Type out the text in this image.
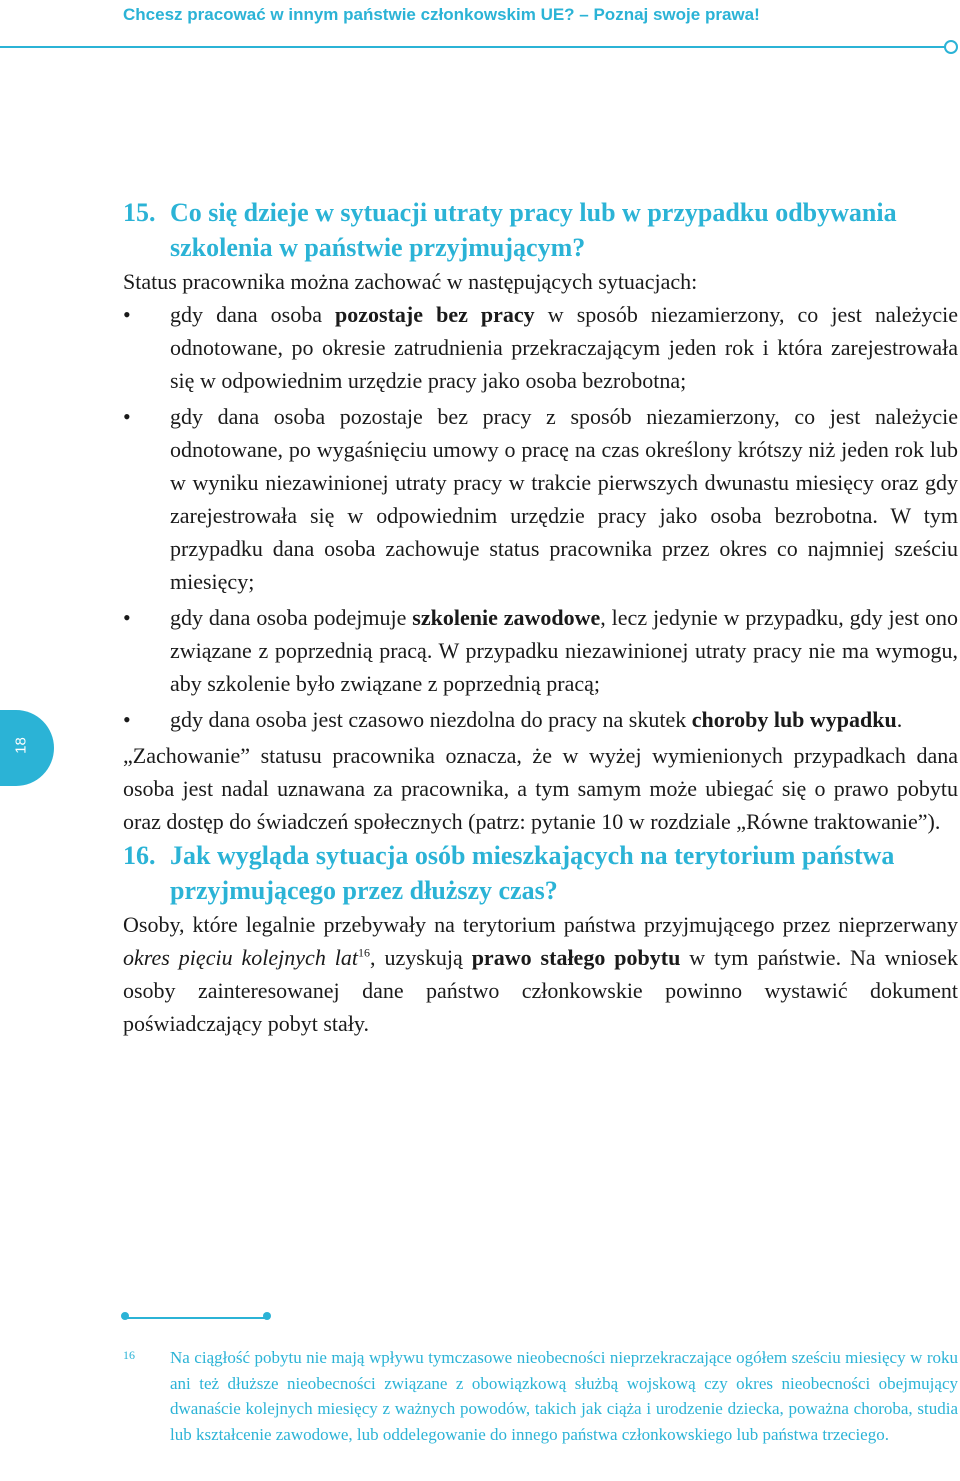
Chcesz pracować w innym państwie członkowskim UE? – Poznaj swoje prawa!
18
15. Co się dzieje w sytuacji utraty pracy lub w przypadku odbywania szkolenia w państwie przyjmującym?

Status pracownika można zachować w następujących sytuacjach:

• gdy dana osoba pozostaje bez pracy w sposób niezamierzony, co jest należycie odnotowane, po okresie zatrudnienia przekraczającym jeden rok i która zarejestrowała się w odpowiednim urzędzie pracy jako osoba bezrobotna;
• gdy dana osoba pozostaje bez pracy z sposób niezamierzony, co jest należycie odnotowane, po wygaśnięciu umowy o pracę na czas określony krótszy niż jeden rok lub w wyniku niezawinionej utraty pracy w trakcie pierwszych dwunastu miesięcy oraz gdy zarejestrowała się w odpowiednim urzędzie pracy jako osoba bezrobotna. W tym przypadku dana osoba zachowuje status pracownika przez okres co najmniej sześciu miesięcy;
• gdy dana osoba podejmuje szkolenie zawodowe, lecz jedynie w przypadku, gdy jest ono związane z poprzednią pracą. W przypadku niezawinionej utraty pracy nie ma wymogu, aby szkolenie było związane z poprzednią pracą;
• gdy dana osoba jest czasowo niezdolna do pracy na skutek choroby lub wypadku.

„Zachowanie” statusu pracownika oznacza, że w wyżej wymienionych przypadkach dana osoba jest nadal uznawana za pracownika, a tym samym może ubiegać się o prawo pobytu oraz dostęp do świadczeń społecznych (patrz: pytanie 10 w rozdziale „Równe traktowanie”).

16. Jak wygląda sytuacja osób mieszkających na terytorium państwa przyjmującego przez dłuższy czas?

Osoby, które legalnie przebywały na terytorium państwa przyjmującego przez nieprzerwany okres pięciu kolejnych lat$^{16}$, uzyskują prawo stałego pobytu w tym państwie. Na wniosek osoby zainteresowanej dane państwo członkowskie powinno wystawić dokument poświadczający pobyt stały.

16 Na ciągłość pobytu nie mają wpływu tymczasowe nieobecności nieprzekraczające ogółem sześciu miesięcy w roku ani też dłuższe nieobecności związane z obowiązkową służbą wojskową czy okres nieobecności obejmujący dwanaście kolejnych miesięcy z ważnych powodów, takich jak ciąża i urodzenie dziecka, poważna choroba, studia lub kształcenie zawodowe, lub oddelegowanie do innego państwa członkowskiego lub państwa trzeciego.
